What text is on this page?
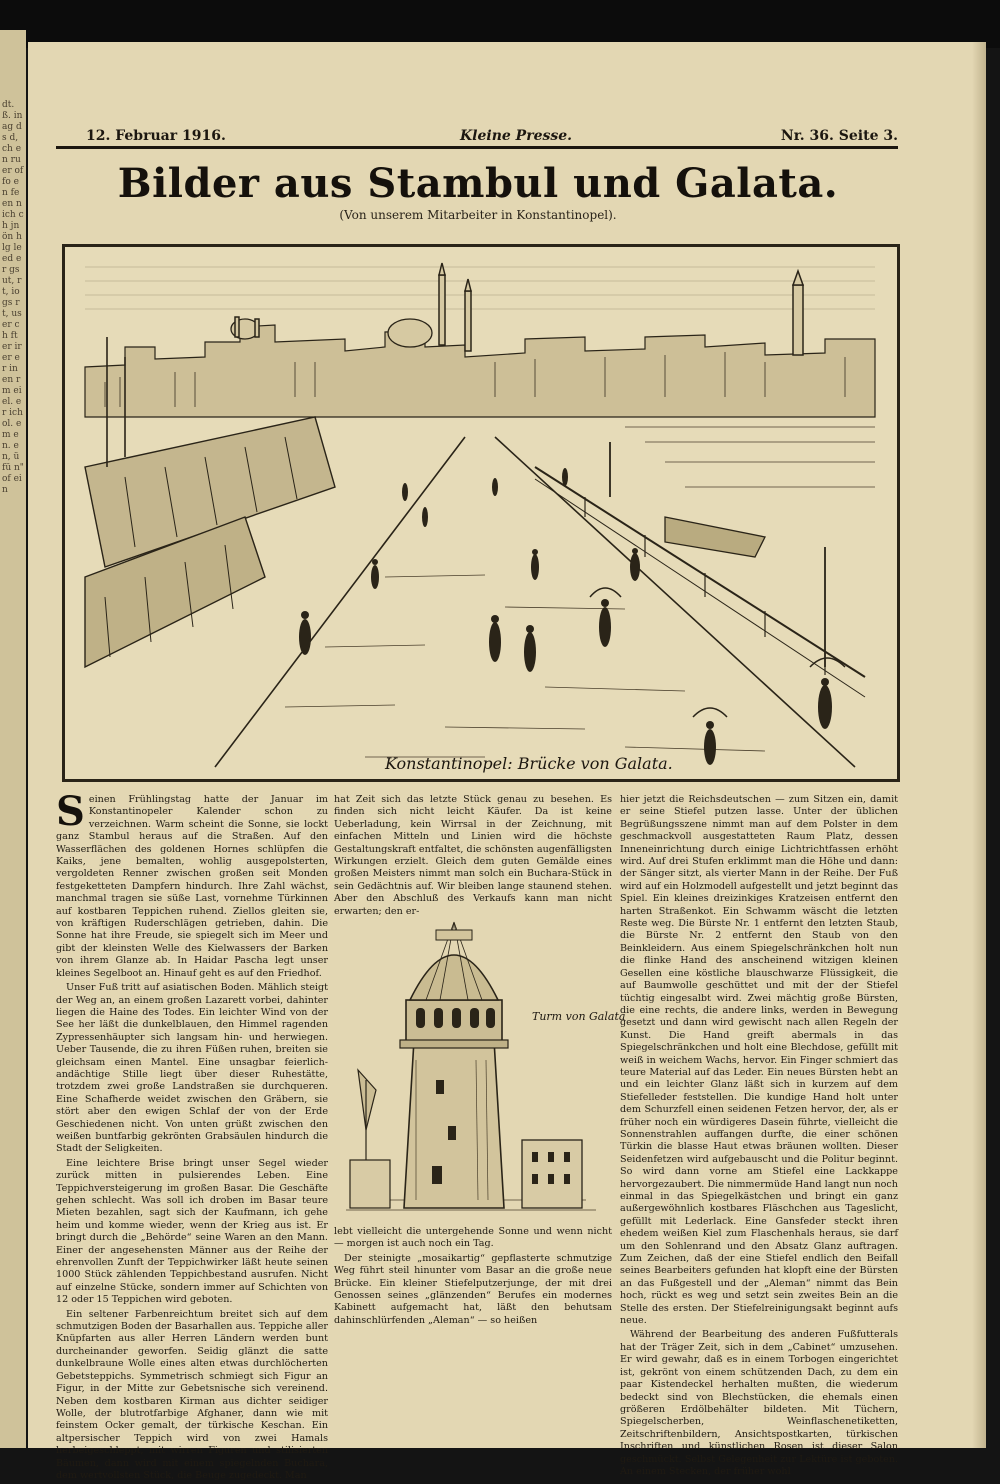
dt. ß. in ag ds d, ch en ru er of fo en fe en n ich ch jn ön h lg le ed er gs ut, rt, io gs rt, us er ch ft er ir er er in en rm ei el. er ich ol. em en. en, ü fü n" of ein
12. Februar 1916.	Kleine Presse.	Nr. 36. Seite 3.
Bilder aus Stambul und Galata.
(Von unserem Mitarbeiter in Konstantinopel).
Konstantinopel: Brücke von Galata.

Seinen Frühlingstag hatte der Januar im Konstantinopeler Kalender schon zu verzeichnen. Warm scheint die Sonne, sie lockt ganz Stambul heraus auf die Straßen. Auf den Wasserflächen des goldenen Hornes schlüpfen die Kaiks, jene bemalten, wohlig ausgepolsterten, vergoldeten Renner zwischen großen seit Monden festgeketteten Dampfern hindurch. Ihre Zahl wächst, manchmal tragen sie süße Last, vornehme Türkinnen auf kostbaren Teppichen ruhend. Ziellos gleiten sie, von kräftigen Ruderschlägen getrieben, dahin. Die Sonne hat ihre Freude, sie spiegelt sich im Meer und gibt der kleinsten Welle des Kielwassers der Barken von ihrem Glanze ab. In Haidar Pascha legt unser kleines Segelboot an. Hinauf geht es auf den Friedhof.

Unser Fuß tritt auf asiatischen Boden. Mählich steigt der Weg an, an einem großen Lazarett vorbei, dahinter liegen die Haine des Todes. Ein leichter Wind von der See her läßt die dunkelblauen, den Himmel ragenden Zypressenhäupter sich langsam hin- und herwiegen. Ueber Tausende, die zu ihren Füßen ruhen, breiten sie gleichsam einen Mantel. Eine unsagbar feierlich-andächtige Stille liegt über dieser Ruhestätte, trotzdem zwei große Landstraßen sie durchqueren. Eine Schafherde weidet zwischen den Gräbern, sie stört aber den ewigen Schlaf der von der Erde Geschiedenen nicht. Von unten grüßt zwischen den weißen buntfarbig gekrönten Grabsäulen hindurch die Stadt der Seligkeiten.

Eine leichtere Brise bringt unser Segel wieder zurück mitten in pulsierendes Leben. Eine Teppichversteigerung im großen Basar. Die Geschäfte gehen schlecht. Was soll ich droben im Basar teure Mieten bezahlen, sagt sich der Kaufmann, ich gehe heim und komme wieder, wenn der Krieg aus ist. Er bringt durch die „Behörde“ seine Waren an den Mann. Einer der angesehensten Männer aus der Reihe der ehrenvollen Zunft der Teppichwirker läßt heute seinen 1000 Stück zählenden Teppichbestand ausrufen. Nicht auf einzelne Stücke, sondern immer auf Schichten von 12 oder 15 Teppichen wird geboten.

Ein seltener Farbenreichtum breitet sich auf dem schmutzigen Boden der Basarhallen aus. Teppiche aller Knüpfarten aus aller Herren Ländern werden bunt durcheinander geworfen. Seidig glänzt die satte dunkelbraune Wolle eines alten etwas durchlöcherten Gebetsteppichs. Symmetrisch schmiegt sich Figur an Figur, in der Mitte zur Gebetsnische sich vereinend. Neben dem kostbaren Kirman aus dichter seidiger Wolle, der blutrotfarbige Afghaner, dann wie mit feinstem Ocker gemalt, der türkische Keschan. Ein altpersischer Teppich wird von zwei Hamals herbeigeschleppt, mit wirren Figuren und stilisierten Bäumen, dann wird mit einem spiegelnden Buchara, dem wertvollsten Stück, die Beuge zugedeckt. Man

hat Zeit sich das letzte Stück genau zu besehen. Es finden sich nicht leicht Käufer. Da ist keine Ueberladung, kein Wirrsal in der Zeichnung, mit einfachen Mitteln und Linien wird die höchste Gestaltungskraft entfaltet, die schönsten augenfälligsten Wirkungen erzielt. Gleich dem guten Gemälde eines großen Meisters nimmt man solch ein Buchara-Stück in sein Gedächtnis auf. Wir bleiben lange staunend stehen. Aber den Abschluß des Verkaufs kann man nicht erwarten; den er-

Turm von Galata

lebt vielleicht die untergehende Sonne und wenn nicht — morgen ist auch noch ein Tag.

Der steinigte „mosaikartig“ gepflasterte schmutzige Weg führt steil hinunter vom Basar an die große neue Brücke. Ein kleiner Stiefelputzerjunge, der mit drei Genossen seines „glänzenden“ Berufes ein modernes Kabinett aufgemacht hat, läßt den behutsam dahinschlürfenden „Aleman“ — so heißen

hier jetzt die Reichsdeutschen — zum Sitzen ein, damit er seine Stiefel putzen lasse. Unter der üblichen Begrüßungsszene nimmt man auf dem Polster in dem geschmackvoll ausgestatteten Raum Platz, dessen Inneneinrichtung durch einige Lichtrichtfassen erhöht wird. Auf drei Stufen erklimmt man die Höhe und dann: der Sänger sitzt, als vierter Mann in der Reihe. Der Fuß wird auf ein Holzmodell aufgestellt und jetzt beginnt das Spiel. Ein kleines dreizinkiges Kratzeisen entfernt den harten Straßenkot. Ein Schwamm wäscht die letzten Reste weg. Die Bürste Nr. 1 entfernt den letzten Staub, die Bürste Nr. 2 entfernt den Staub von den Beinkleidern. Aus einem Spiegelschränkchen holt nun die flinke Hand des anscheinend witzigen kleinen Gesellen eine köstliche blauschwarze Flüssigkeit, die auf Baumwolle geschüttet und mit der der Stiefel tüchtig eingesalbt wird. Zwei mächtig große Bürsten, die eine rechts, die andere links, werden in Bewegung gesetzt und dann wird gewischt nach allen Regeln der Kunst. Die Hand greift abermals in das Spiegelschränkchen und holt eine Blechdose, gefüllt mit weiß in weichem Wachs, hervor. Ein Finger schmiert das teure Material auf das Leder. Ein neues Bürsten hebt an und ein leichter Glanz läßt sich in kurzem auf dem Stiefelleder feststellen. Die kundige Hand holt unter dem Schurzfell einen seidenen Fetzen hervor, der, als er früher noch ein würdigeres Dasein führte, vielleicht die Sonnenstrahlen auffangen durfte, die einer schönen Türkin die blasse Haut etwas bräunen wollten. Dieser Seidenfetzen wird aufgebauscht und die Politur beginnt. So wird dann vorne am Stiefel eine Lackkappe hervorgezaubert. Die nimmermüde Hand langt nun noch einmal in das Spiegelkästchen und bringt ein ganz außergewöhnlich kostbares Fläschchen aus Tageslicht, gefüllt mit Lederlack. Eine Gansfeder steckt ihren ehedem weißen Kiel zum Flaschenhals heraus, sie darf um den Sohlenrand und den Absatz Glanz auftragen. Zum Zeichen, daß der eine Stiefel endlich den Beifall seines Bearbeiters gefunden hat klopft eine der Bürsten an das Fußgestell und der „Aleman“ nimmt das Bein hoch, rückt es weg und setzt sein zweites Bein an die Stelle des ersten. Der Stiefelreinigungsakt beginnt aufs neue.

Während der Bearbeitung des anderen Fußfutterals hat der Träger Zeit, sich in dem „Cabinet“ umzusehen. Er wird gewahr, daß es in einem Torbogen eingerichtet ist, gekrönt von einem schützenden Dach, zu dem ein paar Kistendeckel herhalten mußten, die wiederum bedeckt sind von Blechstücken, die ehemals einen größeren Erdölbehälter bildeten. Mit Tüchern, Spiegelscherben, Weinflaschenetiketten, Zeitschriftenbildern, Ansichtspostkarten, türkischen Inschriften und künstlichen Rosen ist dieser Salon geschmückt. Selbst Gelegenheit zur Lektüre ist geboten. An einem Stecken, der früher wohl
